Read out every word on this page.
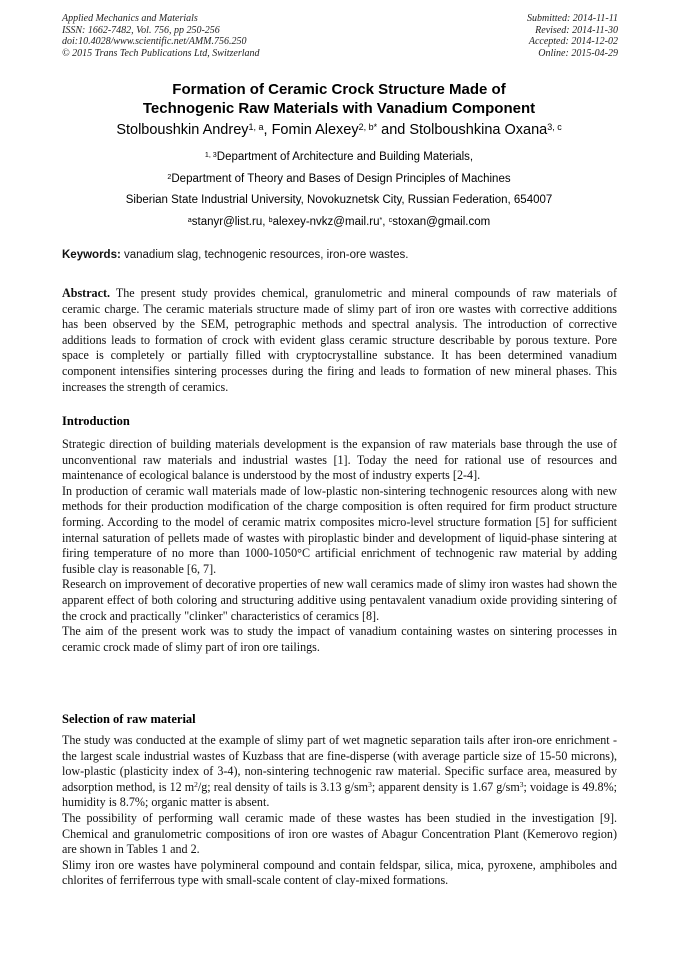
Applied Mechanics and Materials
ISSN: 1662-7482, Vol. 756, pp 250-256
doi:10.4028/www.scientific.net/AMM.756.250
© 2015 Trans Tech Publications Ltd, Switzerland
Submitted: 2014-11-11
Revised: 2014-11-30
Accepted: 2014-12-02
Online: 2015-04-29
Formation of Ceramic Crock Structure Made of
Technogenic Raw Materials with Vanadium Component
Stolboushkin Andrey$^{1, a}$, Fomin Alexey$^{2, b*}$ and Stolboushkina Oxana$^{3, c}$
$^{1, 3}$Department of Architecture and Building Materials,
$^2$Department of Theory and Bases of Design Principles of Machines
Siberian State Industrial University, Novokuznetsk City, Russian Federation, 654007
$^a$stanyr@list.ru, $^b$alexey-nvkz@mail.ru*, $^c$stoxan@gmail.com
Keywords: vanadium slag, technogenic resources, iron-ore wastes.

Abstract. The present study provides chemical, granulometric and mineral compounds of raw materials of ceramic charge. The ceramic materials structure made of slimy part of iron ore wastes with corrective additions has been observed by the SEM, petrographic methods and spectral analysis. The introduction of corrective additions leads to formation of crock with evident glass ceramic structure describable by porous texture. Pore space is completely or partially filled with cryptocrystalline substance. It has been determined vanadium component intensifies sintering processes during the firing and leads to formation of new mineral phases. This increases the strength of ceramics.

Introduction

Strategic direction of building materials development is the expansion of raw materials base through the use of unconventional raw materials and industrial wastes [1]. Today the need for rational use of resources and maintenance of ecological balance is understood by the most of industry experts [2-4].

In production of ceramic wall materials made of low-plastic non-sintering technogenic resources along with new methods for their production modification of the charge composition is often required for firm product structure forming. According to the model of ceramic matrix composites micro-level structure formation [5] for sufficient internal saturation of pellets made of wastes with piroplastic binder and development of liquid-phase sintering at firing temperature of no more than 1000-1050°C artificial enrichment of technogenic raw material by adding fusible clay is reasonable [6, 7].

Research on improvement of decorative properties of new wall ceramics made of slimy iron wastes had shown the apparent effect of both coloring and structuring additive using pentavalent vanadium oxide providing sintering of the crock and practically "clinker" characteristics of ceramics [8].

The aim of the present work was to study the impact of vanadium containing wastes on sintering processes in ceramic crock made of slimy part of iron ore tailings.

Selection of raw material

The study was conducted at the example of slimy part of wet magnetic separation tails after iron-ore enrichment - the largest scale industrial wastes of Kuzbass that are fine-disperse (with average particle size of 15-50 microns), low-plastic (plasticity index of 3-4), non-sintering technogenic raw material. Specific surface area, measured by adsorption method, is 12 $m^2/g$; real density of tails is 3.13 $g/sm^3$; apparent density is 1.67 $g/sm^3$; voidage is 49.8%; humidity is 8.7%; organic matter is absent.

The possibility of performing wall ceramic made of these wastes has been studied in the investigation [9]. Chemical and granulometric compositions of iron ore wastes of Abagur Concentration Plant (Kemerovo region) are shown in Tables 1 and 2.

Slimy iron ore wastes have polymineral compound and contain feldspar, silica, mica, pyroxene, amphiboles and chlorites of ferriferrous type with small-scale content of clay-mixed formations.
